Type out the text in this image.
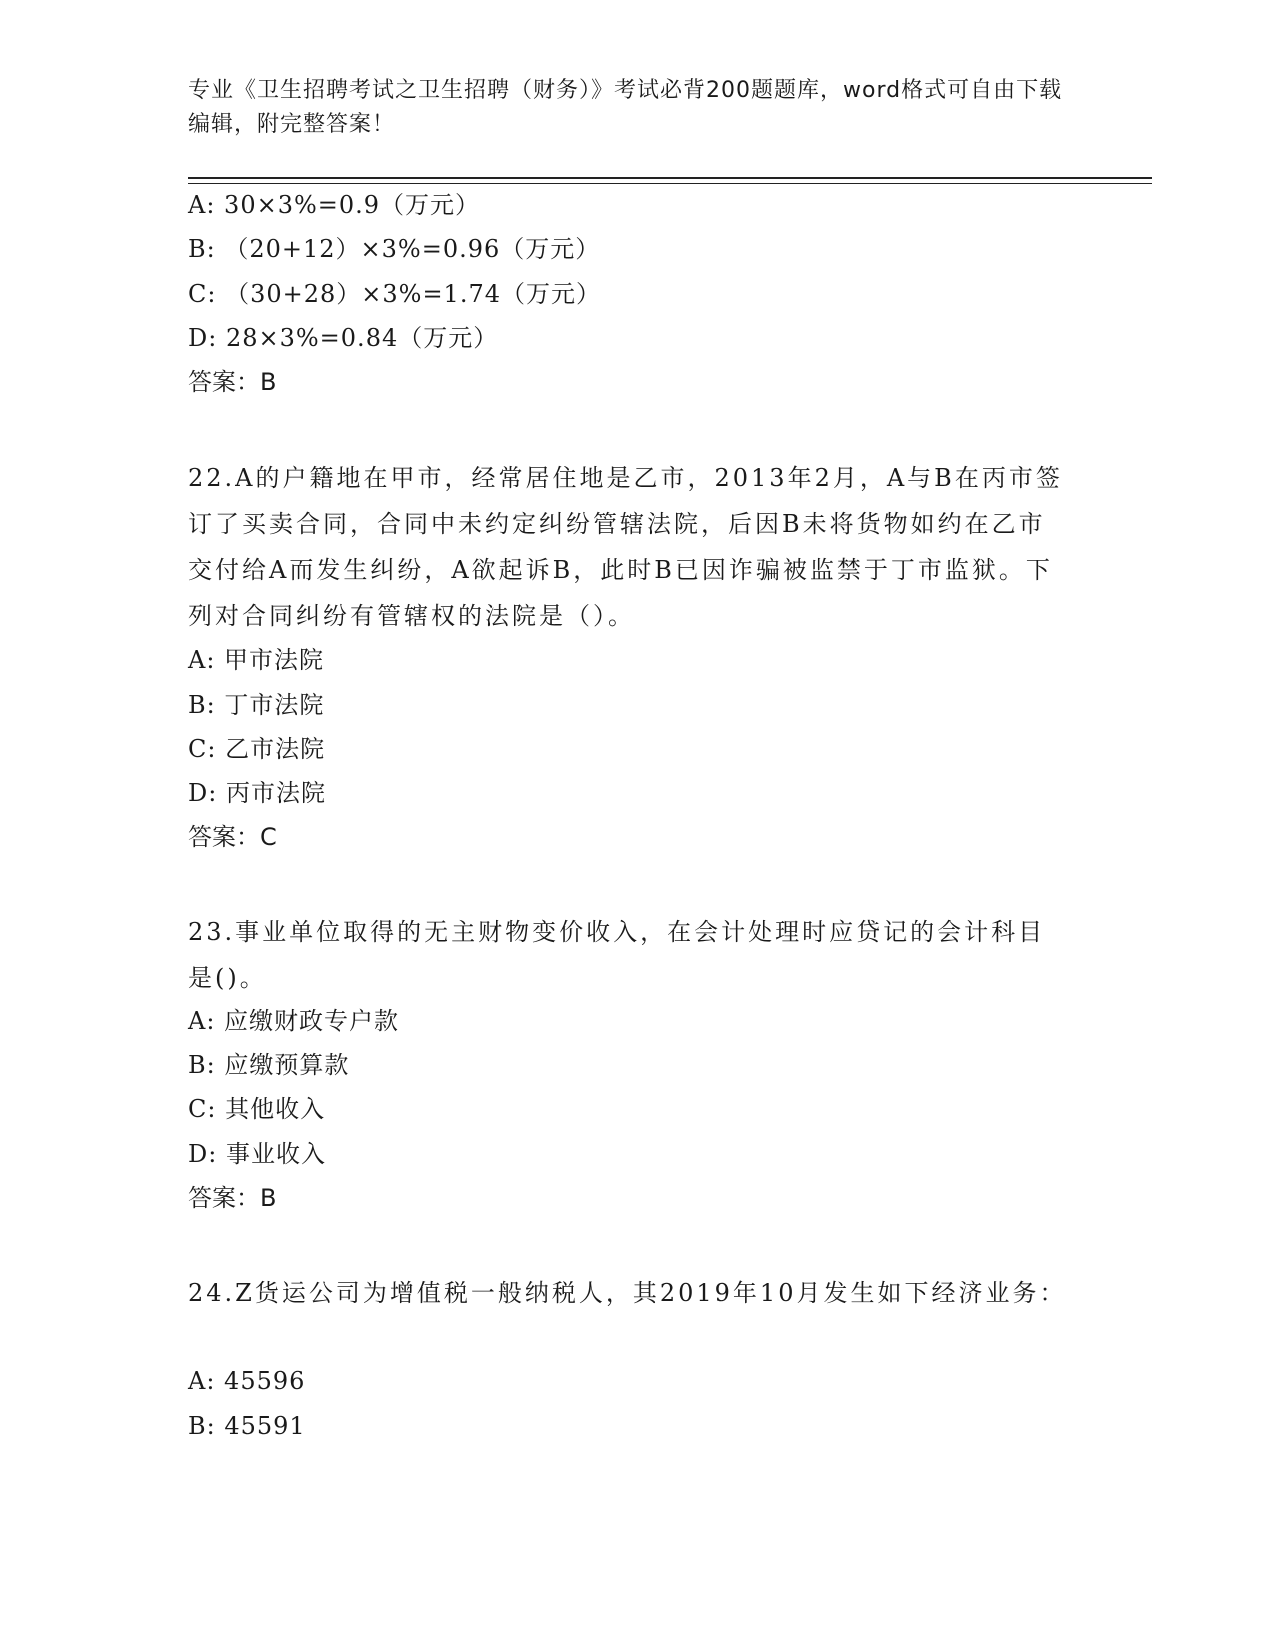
专业《卫生招聘考试之卫生招聘（财务）》考试必背200题题库，word格式可自由下载编辑，附完整答案！
A: 30×3%=0.9（万元）
B: （20+12）×3%=0.96（万元）
C: （30+28）×3%=1.74（万元）
D: 28×3%=0.84（万元）
答案：B
22.A的户籍地在甲市，经常居住地是乙市，2013年2月，A与B在丙市签订了买卖合同，合同中未约定纠纷管辖法院，后因B未将货物如约在乙市交付给A而发生纠纷，A欲起诉B，此时B已因诈骗被监禁于丁市监狱。下列对合同纠纷有管辖权的法院是（）。
A: 甲市法院
B: 丁市法院
C: 乙市法院
D: 丙市法院
答案：C
23.事业单位取得的无主财物变价收入，在会计处理时应贷记的会计科目是()。
A: 应缴财政专户款
B: 应缴预算款
C: 其他收入
D: 事业收入
答案：B
24.Z货运公司为增值税一般纳税人，其2019年10月发生如下经济业务：
A: 45596
B: 45591
